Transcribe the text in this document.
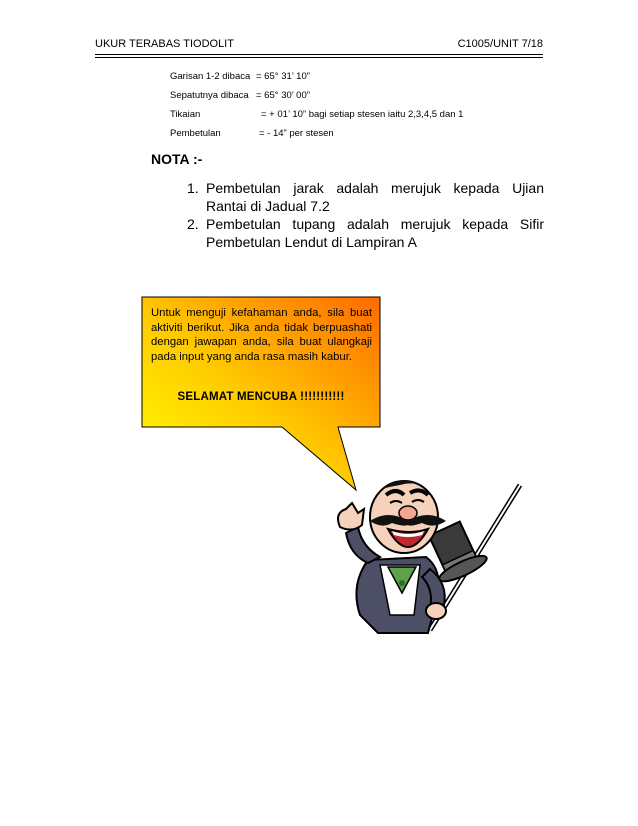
UKUR TERABAS TIODOLIT	C1005/UNIT 7/18
Garisan 1-2 dibaca = 65° 31’ 10”
Sepatutnya dibaca = 65° 30’ 00”
Tikaian	= + 01’ 10” bagi setiap stesen iaitu 2,3,4,5 dan 1
Pembetulan	= - 14” per stesen
NOTA :-
1. Pembetulan jarak adalah merujuk kepada Ujian Rantai di Jadual 7.2
2. Pembetulan tupang adalah merujuk kepada Sifir Pembetulan Lendut di Lampiran A
Untuk menguji kefahaman anda, sila buat aktiviti berikut. Jika anda tidak berpuashati dengan jawapan anda, sila buat ulangkaji pada input yang anda rasa masih kabur.
SELAMAT MENCUBA !!!!!!!!!!!
